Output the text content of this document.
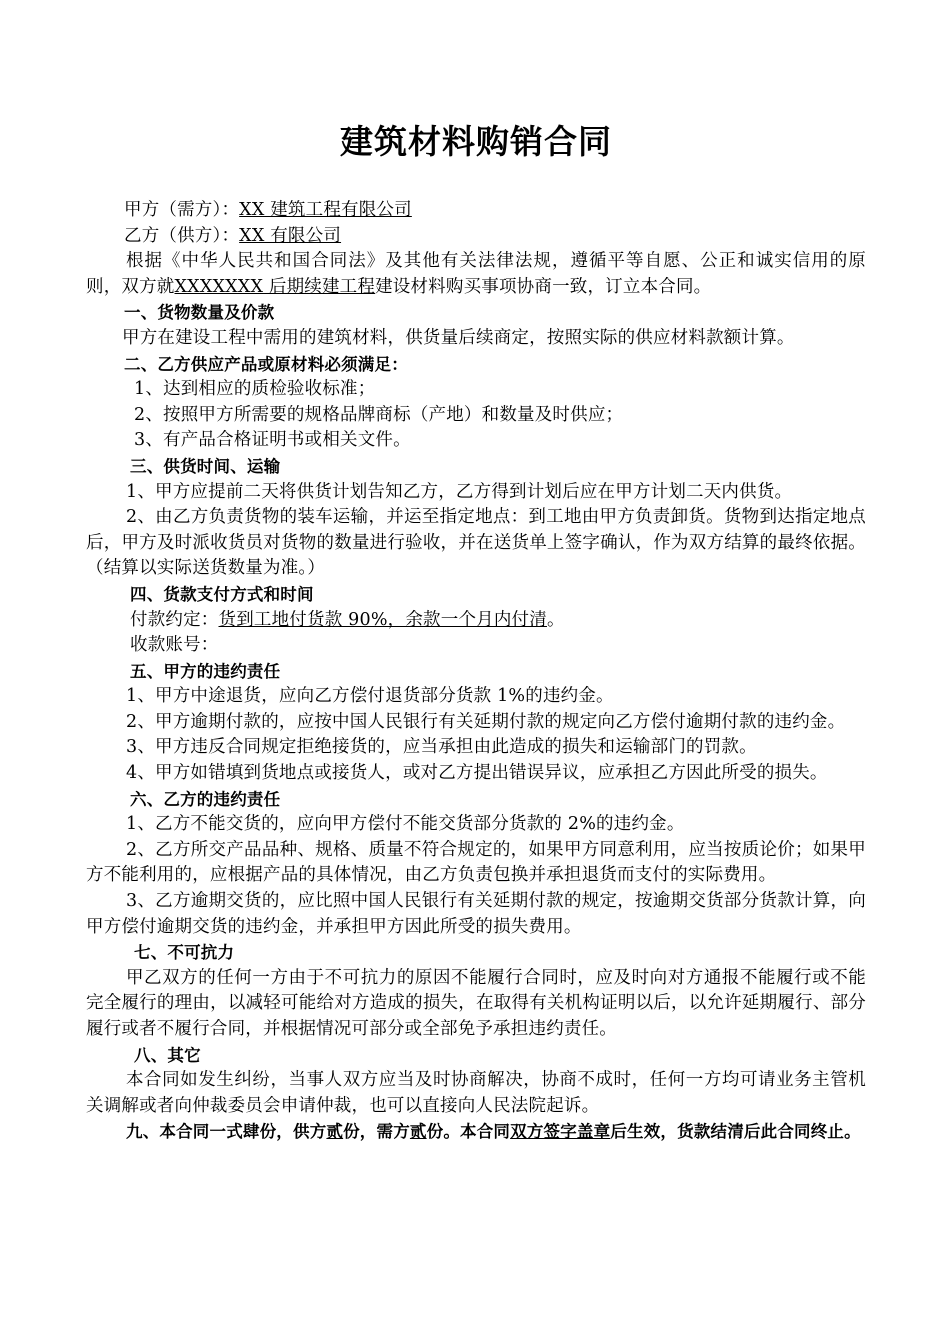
建筑材料购销合同

甲方（需方）：XX 建筑工程有限公司

乙方（供方）：XX 有限公司

根据《中华人民共和国合同法》及其他有关法律法规，遵循平等自愿、公正和诚实信用的原则，双方就XXXXXXX 后期续建工程建设材料购买事项协商一致，订立本合同。

一、货物数量及价款

甲方在建设工程中需用的建筑材料，供货量后续商定，按照实际的供应材料款额计算。

二、乙方供应产品或原材料必须满足：

1、达到相应的质检验收标准；

2、按照甲方所需要的规格品牌商标（产地）和数量及时供应；

3、有产品合格证明书或相关文件。

三、供货时间、运输

1、甲方应提前二天将供货计划告知乙方，乙方得到计划后应在甲方计划二天内供货。

2、由乙方负责货物的装车运输，并运至指定地点：到工地由甲方负责卸货。货物到达指定地点后，甲方及时派收货员对货物的数量进行验收，并在送货单上签字确认，作为双方结算的最终依据。（结算以实际送货数量为准。）

四、货款支付方式和时间

付款约定：货到工地付货款 90%，余款一个月内付清。

收款账号：

五、甲方的违约责任

1、甲方中途退货，应向乙方偿付退货部分货款 1%的违约金。

2、甲方逾期付款的，应按中国人民银行有关延期付款的规定向乙方偿付逾期付款的违约金。

3、甲方违反合同规定拒绝接货的，应当承担由此造成的损失和运输部门的罚款。

4、甲方如错填到货地点或接货人，或对乙方提出错误异议，应承担乙方因此所受的损失。

六、乙方的违约责任

1、乙方不能交货的，应向甲方偿付不能交货部分货款的 2%的违约金。

2、乙方所交产品品种、规格、质量不符合规定的，如果甲方同意利用，应当按质论价；如果甲方不能利用的，应根据产品的具体情况，由乙方负责包换并承担退货而支付的实际费用。

3、乙方逾期交货的，应比照中国人民银行有关延期付款的规定，按逾期交货部分货款计算，向甲方偿付逾期交货的违约金，并承担甲方因此所受的损失费用。

七、不可抗力

甲乙双方的任何一方由于不可抗力的原因不能履行合同时，应及时向对方通报不能履行或不能完全履行的理由，以减轻可能给对方造成的损失，在取得有关机构证明以后，以允许延期履行、部分履行或者不履行合同，并根据情况可部分或全部免予承担违约责任。

八、其它

本合同如发生纠纷，当事人双方应当及时协商解决，协商不成时，任何一方均可请业务主管机关调解或者向仲裁委员会申请仲裁，也可以直接向人民法院起诉。

九、本合同一式肆份，供方贰份，需方贰份。本合同双方签字盖章后生效，货款结清后此合同终止。
